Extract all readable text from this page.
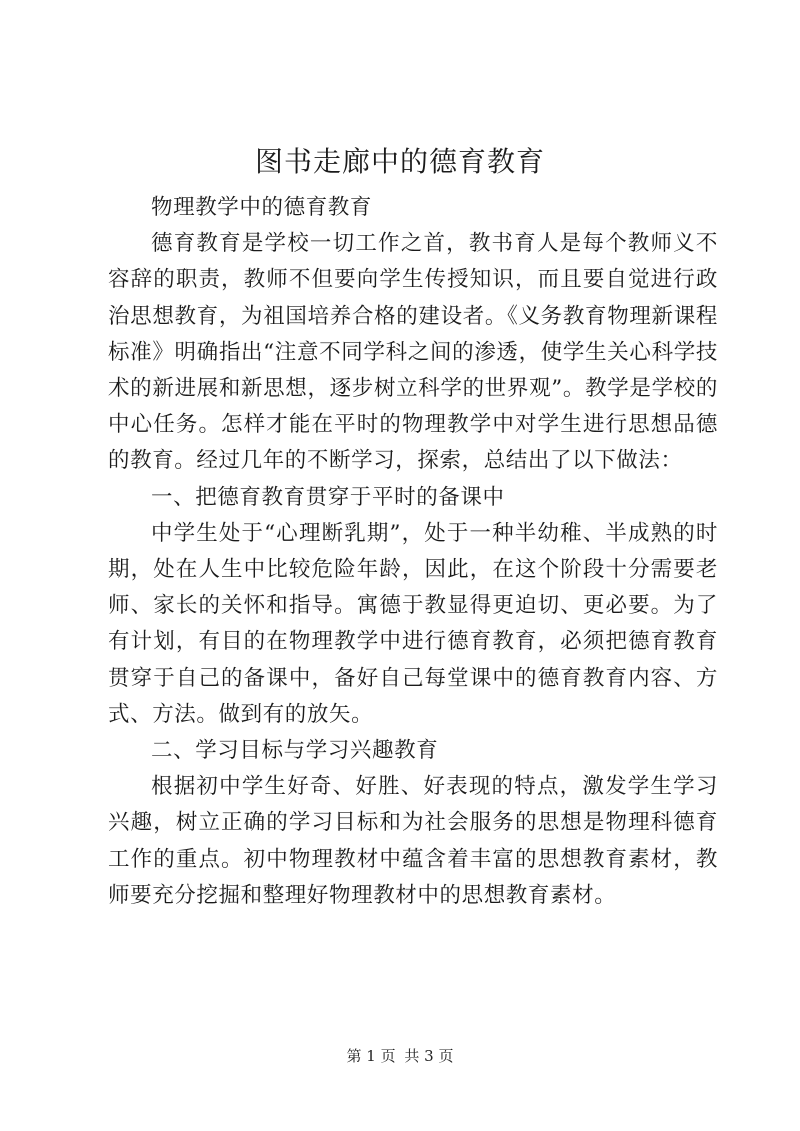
图书走廊中的德育教育

物理教学中的德育教育

德育教育是学校一切工作之首，教书育人是每个教师义不容辞的职责，教师不但要向学生传授知识，而且要自觉进行政治思想教育，为祖国培养合格的建设者。《义务教育物理新课程标准》明确指出“注意不同学科之间的渗透，使学生关心科学技术的新进展和新思想，逐步树立科学的世界观”。教学是学校的中心任务。怎样才能在平时的物理教学中对学生进行思想品德的教育。经过几年的不断学习，探索，总结出了以下做法：

一、把德育教育贯穿于平时的备课中

中学生处于“心理断乳期”，处于一种半幼稚、半成熟的时期，处在人生中比较危险年龄，因此，在这个阶段十分需要老师、家长的关怀和指导。寓德于教显得更迫切、更必要。为了有计划，有目的在物理教学中进行德育教育，必须把德育教育贯穿于自己的备课中，备好自己每堂课中的德育教育内容、方式、方法。做到有的放矢。

二、学习目标与学习兴趣教育

根据初中学生好奇、好胜、好表现的特点，激发学生学习兴趣，树立正确的学习目标和为社会服务的思想是物理科德育工作的重点。初中物理教材中蕴含着丰富的思想教育素材，教师要充分挖掘和整理好物理教材中的思想教育素材。

第 1 页 共 3 页
